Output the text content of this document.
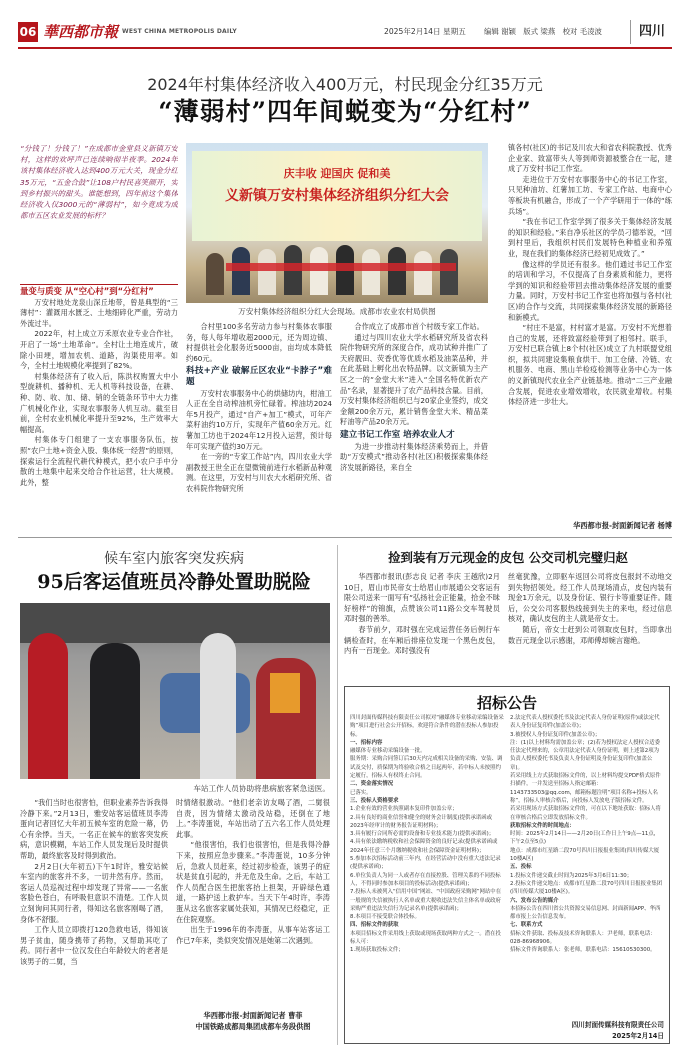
06 華西都市報 WEST CHINA METROPOLIS DAILY	2025年2月14日 星期五 编辑 谢颖　版式 梁燕　校对 毛凌波	四川
2024年村集体经济收入400万元，村民现金分红35万元
“薄弱村”四年间蜕变为“分红村”
“分钱了！分钱了！”在成都市金堂县义新镇万安村，这样的欢呼声已连续响彻半夜季。2024年该村集体经济收入达到400万元大关，现金分红35万元，“五金合鼓”让108户村民喜笑颜开，实到乡村振兴的甜头。谁能想到，四年前这个集体经济收入仅3000元的“薄弱村”，如今竟成为成都市五区农业发展的标杆？
庆丰收 迎国庆 促和美
义新镇万安村集体经济组织分红大会
万安村集体经济组织分红大会现场。成都市农业农村局供图
量变与质变 从“空心村”到“分红村”

万安村地处龙泉山深丘地带，曾是典型的“三薄村”：灌溉用水匮乏、土地细碎化严重，劳动力外流过半。

2022年，村上成立万禾原农业专业合作社，开启了一场“土地革命”。全村让土地连成片，破除小田埂，增加农机、道路，沟渠使用率。如今，全村土地规模化率提到了82%。

村集体经济有了收入后，陈洪权购置大中小型旋耕机、播种机、无人机等科技设备，在耕、种、防、收、加、储、销的全链条环节中大力推广机械化作业，实现农事服务人机互动。截至目前，全村农业机械化率提升至92%，生产效率大幅提高。

村集体专门组建了一支农事服务队伍，按照“农户土地+资金入股、集体统一经营”的原则，探索运行全流程代耕代种模式，把小农户手中分散的土地集中起来交给合作社运营，壮大规模。此外，整

合村里100多名劳动力参与村集体农事服务，每人每年增收超2000元，还为周边镇、村提供社会化服务近5000亩，亩均成本降低约60元。

科技+产业 破解丘区农业“卡脖子”难题

万安村农事服务中心的烘储坊内，柑油工人正在全自动榨油机旁忙碌着。榨油坊2024年5月投产，通过“自产+加工”模式，可年产菜籽油约10万斤，实现年产值60余万元。红薯加工坊也于2024年12月投入运营，预计每年可实现产值约30万元。

在一旁的“专家工作站”内，四川农业大学副教授王世全正在望微镜前进行水稻新品种观测。在这里，万安村与川农大水稻研究所、省农科院作物研究所

合作成立了成都市首个村级专家工作站。

通过与四川农业大学水稻研究所及省农科院作物研究所的深度合作，成功试种并推广了天府靓田、荧香优等优质水稻及油菜品种，并在此基础上孵化出农特品牌。以文新镇为主产区之一的“金堂大米”进入“全国名特优新农产品”名录，显著提升了农产品科技含量。目前，万安村集体经济组织已与20家企业签约，成交金额200余万元，累计销售金堂大米、精品菜籽油等产品20余万元。

建立书记工作室 培养农业人才

为进一步推动村集体经济乘势而上，并借助“万安模式”推动各村(社区)积极探索集体经济发展新路径，来自全

镇各村(社区)的书记及川农大和省农科院教授、优秀企业家、致富带头人等到师资源被整合在一起，建成了万安村书记工作室。

走进位于万安村农事服务中心的书记工作室，只见种油坊、红薯加工坊、专家工作站、电商中心等板块有机融合，形成了一个产学研用于一体的“练兵场”。

“我在书记工作室学到了很多关于集体经济发展的知识和经验。”来自净乐社区的学员刁德举说，“回到村里后，我组织村民们发展特色种植业和养殖业，现在我们的集体经济已经初见成效了。”

像这样的学员还有很多。他们通过书记工作室的培训和学习，不仅提高了自身素质和能力，更将学到的知识和经验带回去推动集体经济发展的重要力量。同时，万安村书记工作室也将加强与各村(社区)的合作与交流，共同探索集体经济发展的新路径和新模式。

“村庄不是富，村村富才是富。万安村不光想着自己的发展，还将致富经验带到了相邻村。联手，万安村已联合镇上8个村(社区)成立了九村联盟党组织，拟共同建设集粮食烘干、加工仓储、冷链、农机服务、电商、黑山羊检疫检测等业务中心为一体的义新镇现代农业全产业链基地。推动“二三产业融合发展，促进农业增效增收，农民就业增收。村集体经济进一步壮大。

华西都市报-封面新闻记者 杨博
候车室内旅客突发疾病
95后客运值班员冷静处置助脱险
车站工作人员协助将患病旅客紧急送医。

“我们当时也很害怕，但职业素养告诉我得冷静下来。”2月13日，雅安站客运值班员李涛蛋向记者回忆大年初五候车室的危险一幕，仍心有余悸。当天，一名正在候车的旅客突发疾病，意识模糊，车站工作人员发现后及时提供帮助，最终旅客及时得到救治。

2月2日(大年初五)下午1时许，雅安站候车室内的旅客并不多，一切井然有序。然而，客运人员巡视过程中却发现了异常——一名旅客脸色苍白，有呼吸但意识不清楚。工作人员立刻询问其同行者，得知这名旅客刚喝了酒，身体不舒服。

工作人员立即拨打120急救电话，得知该男子贫血，随身携带了药物，又帮助其吃了药。同行者中一位汉发住白年龄较大的老者是该男子的二舅，当

时情绪很激动。“他们老亲访友喝了酒，二舅很自责，因为情绪太激动没站稳，还倒在了地上。”李涛蛋说，车站出动了五六名工作人员处理此事。

“他很害怕，我们也很害怕，但是我得冷静下来，按照应急步骤来。”李涛蛋说，10多分钟后，急救人员赶来，经过初步检查，该男子的症状是贫血引起的，并无危及生命。之后，车站工作人员配合医生把旅客抬上担架，开辟绿色通道，一路护送上救护车。当天下午4时许，李涛蛋从这名旅客家属处获知，其情况已经稳定，正在住院观察。

出生于1996年的李涛蛋，从事车站客运工作已7年来，类似突发情况是她第二次遇到。

华西都市报-封面新闻记者 曹菲
中国铁路成都局集团成都车务段供图
捡到装有万元现金的皮包 公交司机完璧归赵

华西都市报讯(彭志良 记者 李庆 王越欣)2月10日，眉山市民帝女士给眉山市展通公交客运有限公司送来一面写有“弘扬社会正能量，拾金不昧好榜样”的锦旗，点赞该公司11路公交车驾驶员邓时强的善举。

春节前夕，邓时强在完成运营任务后例行车辆检查时，在车厢后排座位发现一个黑色皮包，内有一百现金。邓时强没有

丝毫犹豫，立即驱车返回公司将皮包报封不动地交到失物招领处。经工作人员现场清点，皮包内装有现金1万余元，以及身份证、银行卡等重要证件。随后，公交公司客服热线接到失主的来电，经过信息核对，确认皮包的主人就是帝女士。

随后，帝女士赶到公司领取皮包时，当即拿出数百元现金以示感谢，邓师傅却婉言谢绝。

招标公告

四川封面传媒科技有限责任公司拟对“融媒体专业移动采编设备采购”项目进行社会公开招标，欢迎符合条件的潜在投标人参加投标。

一、招标内容

融媒体专业移动采编设备一批。

服务期：采购合同签订后30天内完成相关设备的采购、安装、调试及交付，质保期为终验收合格之日起两年，若中标人未按照约定履行，招标人有权终止合同。

二、资金落实情况

已落实。

三、投标人资格要求

1.企业有效的营业执照副本复印件加盖公章；

2.具有良好的商业信誉和健全的财务会计制度(提供承诺函或2023年经审计的财务报告证明材料)；

3.具有履行合同所必需的设备和专业技术能力(提供承诺函)；

4.具有依法缴纳税收和社会保障资金的良好记录(提供承诺函或2024年任意三个月缴纳税收和社会保障资金证明材料)；

5.参加本次招标活动前三年内，在经营活动中没有重大违法记录(提供承诺函)；

6.单位负责人为同一人或者存在直接控股、管理关系的不同投标人，不得同时参加本项目的投标活动(提供承诺函)；

7.投标人未被列入“信用中国”网站、“中国政府采购网”网站中在一般规的失信被执行人名单或重大税收违法失信主体名单或政府采购严重违法失信行为记录名单(提供承诺函)；

8.本项目不接受联合体投标。

四、招标文件的获取

本项目招标文件采用线上获取或现场获取两种方式之一。潜在投标人可：

1.现场获取投标文件；

2.法定代表人授权委托书及法定代表人身份证明(原件)或法定代表人身份证复印件(加盖公章)；

3.被授权人身份证复印件(加盖公章)；

注：(1)以上材料均需加盖公章；(2)若为授权法定人授权合适委任法定代理来的，公章用法定代表人身份证明，则上述第2项为负责人授权委托书及负责人身份证明及身份证复印件(加盖公章)。

若采用线上方式获取招标文件的，以上材料均提交PDF格式原件扫描件，一并发送至招标人指定邮箱：1143733503@qq.com，邮箱标题注明“项目名称+投标人名称”，招标人审核合格后，向投标人发放电子版招标文件。

若采用现场方式获取招标文件的，可在以下地址获取：招标人将在审核合格后立即发放招标文件。

获取招标文件的时间地点：

时间：2025年2月14日——2月20日(工作日上午9点—11点，下午2点至5点)

地点：成都市红星路二段70号四川日报报业集团(四川传媒大厦10楼A区)

五、投标

1.投标文件递交截止时间为2025年3月6日11:30；

2.投标文件递交地点：成都市红星路二段70号四川日报报业集团(四川传媒大厦10楼A区)。

六、发布公告的媒介

本招标公告在四川省公共资源交易信息网、封面新闻APP、华西都市报上公告信息发布。

七、联系方式

招标文件获取、投标及技术咨询联系人：尹老师，联系电话：028-86968906。

招标文件咨询联系人：张老师，联系电话：15610530300。

四川封面传媒科技有限责任公司
2025年2月14日
